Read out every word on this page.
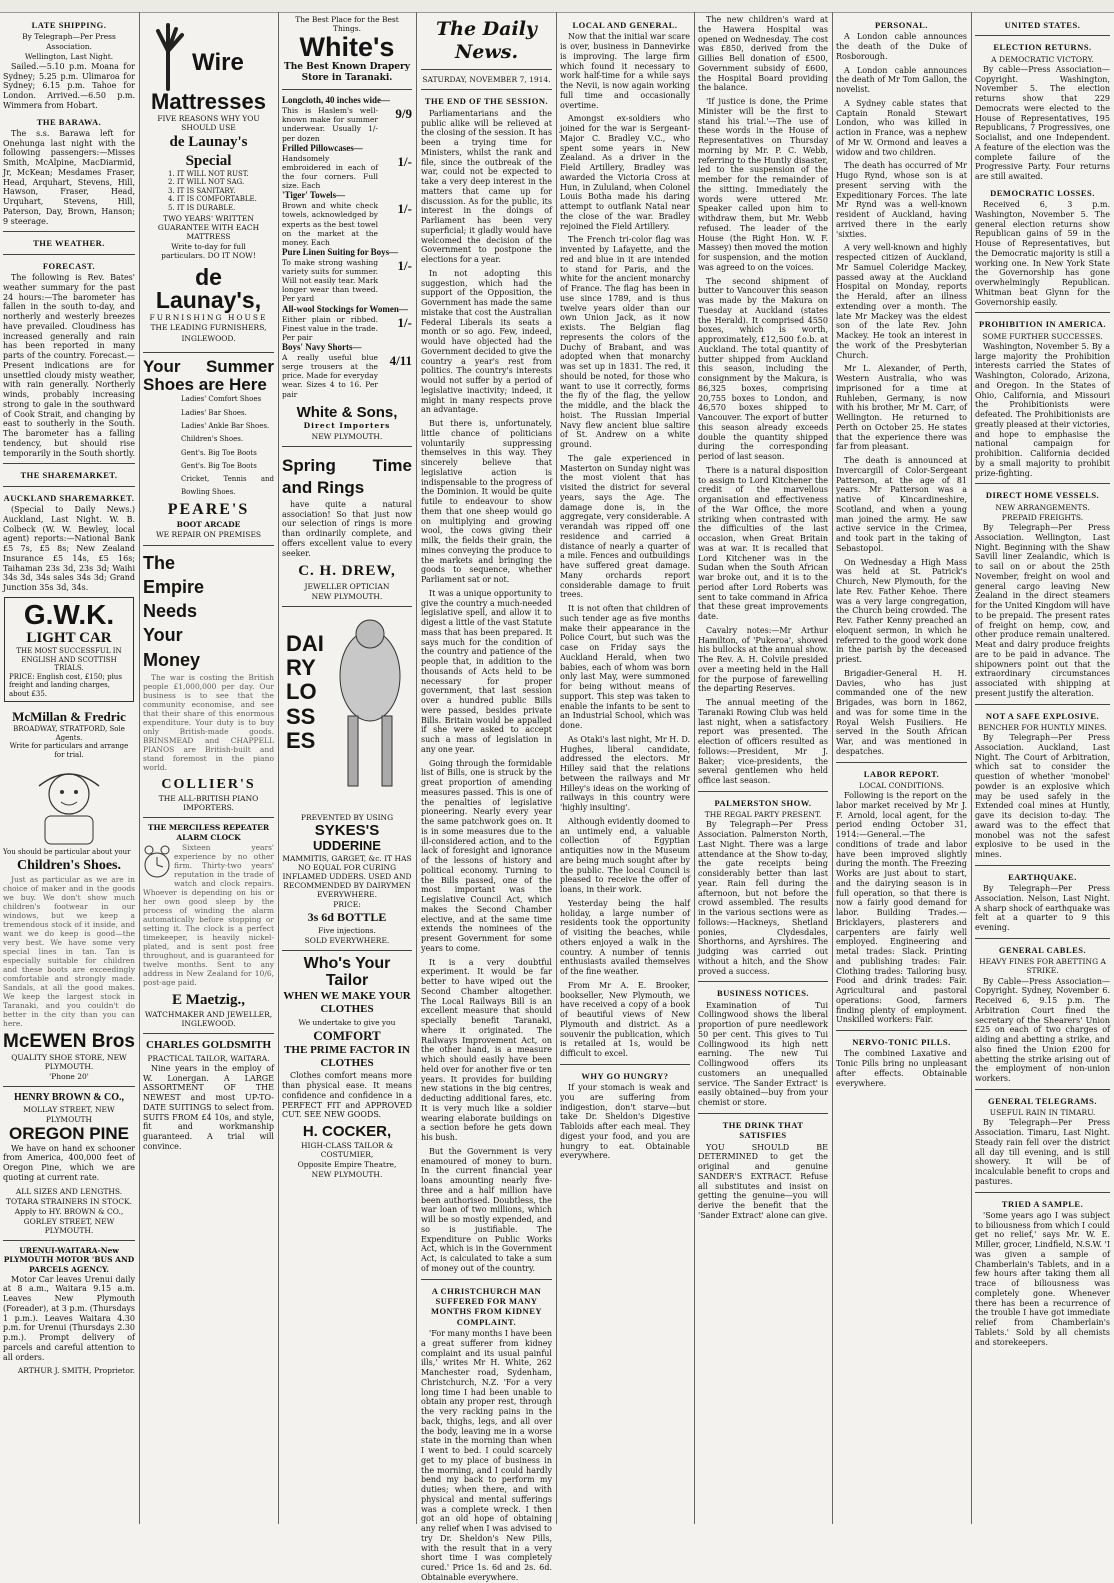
LATE SHIPPING.
By Telegraph—Per Press Association.
Wellington, Last Night.
Sailed.—5.10 p.m. Moana for Sydney; 5.25 p.m. Ulimaroa for Sydney; 6.15 p.m. Tahoe for London. Arrived.—6.50 p.m. Wimmera from Hobart.
THE BARAWA.
The s.s. Barawa left for Onehunga last night with the following passengers:—Misses Smith, McAlpine, MacDiarmid, Jr, McKean; Mesdames Fraser, Head, Arquhart, Stevens, Hill, Hawson, Fraser, Head, Urquhart, Stevens, Hill, Paterson, Day, Brown, Hanson; 9 steerage.
THE WEATHER.
FORECAST.
The following is Rev. Bates' weather summary for the past 24 hours:—The barometer has fallen in the south to-day, and northerly and westerly breezes have prevailed. Cloudiness has increased generally and rain has been reported in many parts of the country. Forecast.—Present indications are for unsettled cloudy misty weather, with rain generally. Northerly winds, probably increasing strong to gale in the southward of Cook Strait, and changing by east to southerly in the South. The barometer has a falling tendency, but should rise temporarily in the South shortly.
THE SHAREMARKET.
AUCKLAND SHAREMARKET.
(Special to Daily News.) Auckland, Last Night. W. B. Colbeck (W. W. Bewley, local agent) reports:—National Bank £5 7s, £5 8s; New Zealand Insurance £5 14s, £5 16s; Taihaman 23s 3d, 23s 3d; Waihi 34s 3d, 34s sales 34s 3d; Grand Junction 35s 3d, 34s.
G.W.K.
LIGHT CAR
THE MOST SUCCESSFUL IN ENGLISH AND SCOTTISH TRIALS.
PRICE: English cost, £150; plus freight and landing charges, about £35.
McMillan & Fredric
BROADWAY, STRATFORD, Sole Agents.
Write for particulars and arrange for trial.
You should be particular about your
Children's Shoes.
Just as particular as we are in choice of maker and in the goods we buy. We don't show much children's footwear in our windows, but we keep a tremendous stock of it inside, and want we do keep is good—the very best. We have some very special lines in tan. Tan is especially suitable for children and these boots are exceedingly comfortable and strongly made. Sandals, at all the good makes. We keep the largest stock in Taranaki, and you couldn't do better in the city than you can here.
McEWEN Bros
QUALITY SHOE STORE, NEW PLYMOUTH.
'Phone 20'
HENRY BROWN & CO.,
MOLLAY STREET, NEW PLYMOUTH
OREGON PINE
We have on hand ex schooner from America, 400,000 feet of Oregon Pine, which we are quoting at current rate.
ALL SIZES AND LENGTHS.
TOTARA STRAINERS IN STOCK.
Apply to HY. BROWN & CO.,
GORLEY STREET, NEW PLYMOUTH.
URENUI-WAITARA-New PLYMOUTH MOTOR 'BUS AND PARCELS AGENCY.
Motor Car leaves Urenui daily at 8 a.m., Waitara 9.15 a.m. Leaves New Plymouth (Foreader), at 3 p.m. (Thursdays 1 p.m.). Leaves Waitara 4.30 p.m. for Urenui (Thursdays 2.30 p.m.). Prompt delivery of parcels and careful attention to all orders.
ARTHUR J. SMITH, Proprietor.
Wire
Mattresses
FIVE REASONS WHY YOU SHOULD USE
de Launay's Special
1. IT WILL NOT RUST.
2. IT WILL NOT SAG.
3. IT IS SANITARY.
4. IT IS COMFORTABLE.
5. IT IS DURABLE.
TWO YEARS' WRITTEN GUARANTEE WITH EACH MATTRESS
Write to-day for full particulars. DO IT NOW!
de Launay's,
FURNISHING HOUSE
THE LEADING FURNISHERS,
INGLEWOOD.
Your Summer Shoes are Here
Ladies' Comfort Shoes
Ladies' Bar Shoes.
Ladies' Ankle Bar Shoes.
Children's Shoes.
Gent's. Big Toe Boots
Gent's. Big Toe Boots
Cricket, Tennis and Bowling Shoes.
PEARE'S
BOOT ARCADE
WE REPAIR ON PREMISES
The Empire Needs Your Money
The war is costing the British people £1,000,000 per day. Our business is to see that the community economise, and see that their share of this enormous expenditure. Your duty is to buy only British-made goods. BRINSMEAD and CHAPPELL PIANOS are British-built and stand foremost in the piano world.
COLLIER'S
THE ALL-BRITISH PIANO IMPORTERS.
THE MERCILESS REPEATER ALARM CLOCK
Sixteen years' experience by no other firm. Thirty-two years' reputation in the trade of watch and clock repairs. Whoever is depending on his or her own good sleep by the process of winding the alarm automatically before stopping or setting it. The clock is a perfect timekeeper, is heavily nickel-plated, and is sent post free throughout, and is guaranteed for twelve months. Sent to any address in New Zealand for 10/6, post-age paid.
E Maetzig.,
WATCHMAKER AND JEWELLER, INGLEWOOD.
CHARLES GOLDSMITH
PRACTICAL TAILOR, WAITARA.
Nine years in the employ of W. Lonergan. A LARGE ASSORTMENT OF THE NEWEST and most UP-TO-DATE SUITINGS to select from. SUITS FROM £4 10s, and style, fit and workmanship guaranteed. A trial will convince.
The Best Place for the Best Things.
White's
The Best Known Drapery Store in Taranaki.
Longcloth, 40 inches wide—
This is Haslem's well-known make for summer underwear. Usually 1/- per dozen
9/9
Frilled Pillowcases—
Handsomely embroidered in each of the four corners. Full size. Each
1/-
'Tiger' Towels—
Brown and white check towels, acknowledged by experts as the best towel on the market at the money. Each
1/-
Pure Linen Suiting for Boys—
To make strong washing variety suits for summer. Will not easily tear. Mark longer wear than tweed. Per yard
1/-
All-wool Stockings for Women—
Either plain or ribbed. Finest value in the trade. Per pair
1/-
Boys' Navy Shorts—
A really useful blue serge trousers at the price. Made for everyday wear. Sizes 4 to 16. Per pair
4/11
White & Sons,
Direct Importers
NEW PLYMOUTH.
Spring Time and Rings
have quite a natural association! So that just now our selection of rings is more than ordinarily complete, and offers excellent value to every seeker.
C. H. DREW,
JEWELLER OPTICIAN
NEW PLYMOUTH.
DAIRY LOSSES
PREVENTED BY USING
SYKES'S
UDDERINE
MAMMITIS, GARGET, &c. IT HAS NO EQUAL FOR CURING INFLAMED UDDERS. USED AND RECOMMENDED BY DAIRYMEN EVERYWHERE.
PRICE:
3s 6d BOTTLE
Five injections.
SOLD EVERYWHERE.
Who's Your Tailor
WHEN WE MAKE YOUR CLOTHES
We undertake to give you
COMFORT
THE PRIME FACTOR IN CLOTHES
Clothes comfort means more than physical ease. It means confidence and confidence in a PERFECT FIT and APPROVED CUT. SEE NEW GOODS.
H. COCKER,
HIGH-CLASS TAILOR & COSTUMIER,
Opposite Empire Theatre,
NEW PLYMOUTH.
The Daily News.
SATURDAY, NOVEMBER 7, 1914.
THE END OF THE SESSION.
Parliamentarians and the public alike will be relieved at the closing of the session. It has been a trying time for Ministers, whilst the rank and file, since the outbreak of the war, could not be expected to take a very deep interest in the matters that came up for discussion. As for the public, its interest in the doings of Parliament has been very superficial; it gladly would have welcomed the decision of the Government to postpone the elections for a year.
In not adopting this suggestion, which had the support of the Opposition, the Government has made the same mistake that cost the Australian Federal Liberals its seats a month or so ago. Few, indeed, would have objected had the Government decided to give the country a year's rest from politics. The country's interests would not suffer by a period of legislative inactivity; indeed, it might in many respects prove an advantage.
But there is, unfortunately, little chance of politicians voluntarily suppressing themselves in this way. They sincerely believe that legislative action is indispensable to the progress of the Dominion. It would be quite futile to endeavour to show them that one sheep would go on multiplying and growing wool, the cows giving their milk, the fields their grain, the mines conveying the produce to the markets and bringing the goods to sequence, whether Parliament sat or not.
It was a unique opportunity to give the country a much-needed legislative spell, and allow it to digest a little of the vast Statute mass that has been prepared. It says much for the condition of the country and patience of the people that, in addition to the thousands of Acts held to be necessary for proper government, that last session over a hundred public Bills were passed, besides private Bills. Britain would be appalled if she were asked to accept such a mass of legislation in any one year.
Going through the formidable list of Bills, one is struck by the great proportion of amending measures passed. This is one of the penalties of legislative pioneering. Nearly every year the same patchwork goes on. It is in some measures due to the ill-considered action, and to the lack of foresight and ignorance of the lessons of history and political economy. Turning to the Bills passed, one of the most important was the Legislative Council Act, which makes the Second Chamber elective, and at the same time extends the nominees of the present Government for some years to come.
It is a very doubtful experiment. It would be far better to have wiped out the Second Chamber altogether. The Local Railways Bill is an excellent measure that should specially benefit Taranaki, where it originated. The Railways Improvement Act, on the other hand, is a measure which should easily have been held over for another five or ten years. It provides for building new stations in the big centres, deducting additional fares, etc. It is very much like a soldier wearing elaborate buildings on a section before he gets down his bush.
But the Government is very enamoured of money to burn. In the current financial year loans amounting nearly five-three and a half million have been authorised. Doubtless, the war loan of two millions, which will be so mostly expended, and so is justifiable. The Expenditure on Public Works Act, which is in the Government Act, is calculated to take a sum of money out of the country.
A CHRISTCHURCH MAN SUFFERED FOR MANY MONTHS FROM KIDNEY COMPLAINT.
'For many months I have been a great sufferer from kidney complaint and its usual painful ills,' writes Mr H. White, 262 Manchester road, Sydenham, Christchurch, N.Z. 'For a very long time I had been unable to obtain any proper rest, through the very racking pains in the back, thighs, legs, and all over the body, leaving me in a worse state in the morning than when I went to bed. I could scarcely get to my place of business in the morning, and I could hardly bend my back to perform my duties; when there, and with physical and mental sufferings was a complete wreck. I then got an old hope of obtaining any relief when I was advised to try Dr. Sheldon's New Pills, with the result that in a very short time I was completely cured.' Price 1s. 6d and 2s. 6d. Obtainable everywhere.
LOCAL AND GENERAL.
Now that the initial war scare is over, business in Dannevirke is improving. The large firm which found it necessary to work half-time for a while says the Nevii, is now again working full time and occasionally overtime.
Amongst ex-soldiers who joined for the war is Sergeant-Major C. Bradley V.C., who spent some years in New Zealand. As a driver in the Field Artillery, Bradley was awarded the Victoria Cross at Hun, in Zululand, when Colonel Louis Botha made his daring attempt to outflank Natal near the close of the war. Bradley rejoined the Field Artillery.
The French tri-color flag was invented by Lafayette, and the red and blue in it are intended to stand for Paris, and the white for the ancient monarchy of France. The flag has been in use since 1789, and is thus twelve years older than our own Union Jack, as it now exists. The Belgian flag represents the colors of the Duchy of Brabant, and was adopted when that monarchy was set up in 1831. The red, it should be noted, for those who want to use it correctly, forms the fly of the flag, the yellow the middle, and the black the hoist. The Russian Imperial Navy flew ancient blue saltire of St. Andrew on a white ground.
The gale experienced in Masterton on Sunday night was the most violent that has visited the district for several years, says the Age. The damage done is, in the aggregate, very considerable. A verandah was ripped off one residence and carried a distance of nearly a quarter of a mile. Fences and outbuildings have suffered great damage. Many orchards report considerable damage to fruit trees.
It is not often that children of such tender age as five months make their appearance in the Police Court, but such was the case on Friday says the Auckland Herald, when two babies, each of whom was born only last May, were summoned for being without means of support. This step was taken to enable the infants to be sent to an Industrial School, which was done.
As Otaki's last night, Mr H. D. Hughes, liberal candidate, addressed the electors. Mr Hilley said that the relations between the railways and Mr Hilley's ideas on the working of railways in this country were 'highly insulting'.
Although evidently doomed to an untimely end, a valuable collection of Egyptian antiquities now in the Museum are being much sought after by the public. The local Council is pleased to receive the offer of loans, in their work.
Yesterday being the half holiday, a large number of residents took the opportunity of visiting the beaches, while others enjoyed a walk in the country. A number of tennis enthusiasts availed themselves of the fine weather.
From Mr A. E. Brooker, bookseller, New Plymouth, we have received a copy of a book of beautiful views of New Plymouth and district. As a souvenir the publication, which is retailed at 1s, would be difficult to excel.
WHY GO HUNGRY?
If your stomach is weak and you are suffering from indigestion, don't starve—but take Dr. Sheldon's Digestive Tabloids after each meal. They digest your food, and you are hungry to eat. Obtainable everywhere.
The new children's ward at the Hawera Hospital was opened on Wednesday. The cost was £850, derived from the Gillies Bell donation of £500, Government subsidy of £600, the Hospital Board providing the balance.
'If justice is done, the Prime Minister will be the first to stand his trial.'—The use of these words in the House of Representatives on Thursday morning by Mr. P. C. Webb, referring to the Huntly disaster, led to the suspension of the member for the remainder of the sitting. Immediately the words were uttered Mr. Speaker called upon him to withdraw them, but Mr. Webb refused. The leader of the House (the Right Hon. W. F. Massey) then moved the motion for suspension, and the motion was agreed to on the voices.
The second shipment of butter to Vancouver this season was made by the Makura on Tuesday at Auckland (states the Herald). It comprised 4550 boxes, which is worth, approximately, £12,500 f.o.b. at Auckland. The total quantity of butter shipped from Auckland this season, including the consignment by the Makura, is 86,325 boxes, comprising 20,755 boxes to London, and 46,570 boxes shipped to Vancouver. The export of butter this season already exceeds double the quantity shipped during the corresponding period of last season.
There is a natural disposition to assign to Lord Kitchener the credit of the marvellous organisation and effectiveness of the War Office, the more striking when contrasted with the difficulties of the last occasion, when Great Britain was at war. It is recalled that Lord Kitchener was in the Sudan when the South African war broke out, and it is to the period after Lord Roberts was sent to take command in Africa that these great improvements date.
Cavalry notes:—Mr Arthur Hamilton, of 'Pukeroa', showed his bullocks at the annual show. The Rev. A. H. Colvile presided over a meeting held in the Hall for the purpose of farewelling the departing Reserves.
The annual meeting of the Taranaki Rowing Club was held last night, when a satisfactory report was presented. The election of officers resulted as follows:—President, Mr J. Baker; vice-presidents, the several gentlemen who held office last season.
PALMERSTON SHOW.
THE REGAL PARTY PRESENT.
By Telegraph—Per Press Association. Palmerston North, Last Night. There was a large attendance at the Show to-day, the gate receipts being considerably better than last year. Rain fell during the afternoon, but not before the crowd assembled. The results in the various sections were as follows:—Hackneys, Shetland ponies, Clydesdales, Shorthorns, and Ayrshires. The judging was carried out without a hitch, and the Show proved a success.
BUSINESS NOTICES.
Examination of Tui Collingwood shows the liberal proportion of pure needlework 50 per cent. This gives to Tui Collingwood its high nett earning. The new Tui Collingwood offers its customers an unequalled service. 'The Sander Extract' is easily obtained—buy from your chemist or store.
THE DRINK THAT SATISFIES
YOU SHOULD BE DETERMINED to get the original and genuine SANDER'S EXTRACT. Refuse all substitutes and insist on getting the genuine—you will derive the benefit that the 'Sander Extract' alone can give.
PERSONAL.
A London cable announces the death of the Duke of Rosborough.
A London cable announces the death of Mr Tom Gallon, the novelist.
A Sydney cable states that Captain Ronald Stewart London, who was killed in action in France, was a nephew of Mr W. Ormond and leaves a widow and two children.
The death has occurred of Mr Hugo Rynd, whose son is at present serving with the Expeditionary Forces. The late Mr Rynd was a well-known resident of Auckland, having arrived there in the early 'sixties.
A very well-known and highly respected citizen of Auckland, Mr Samuel Coleridge Mackey, passed away at the Auckland Hospital on Monday, reports the Herald, after an illness extending over a month. The late Mr Mackey was the eldest son of the late Rev. John Mackey. He took an interest in the work of the Presbyterian Church.
Mr L. Alexander, of Perth, Western Australia, who was imprisoned for a time at Ruhleben, Germany, is now with his brother, Mr M. Carr, of Wellington. He returned to Perth on October 25. He states that the experience there was far from pleasant.
The death is announced at Invercargill of Color-Sergeant Patterson, at the age of 81 years. Mr Patterson was a native of Kincardineshire, Scotland, and when a young man joined the army. He saw active service in the Crimea, and took part in the taking of Sebastopol.
On Wednesday a High Mass was held at St. Patrick's Church, New Plymouth, for the late Rev. Father Kehoe. There was a very large congregation, the Church being crowded. The Rev. Father Kenny preached an eloquent sermon, in which he referred to the good work done in the parish by the deceased priest.
Brigadier-General H. H. Davies, who has just commanded one of the new Brigades, was born in 1862, and was for some time in the Royal Welsh Fusiliers. He served in the South African War, and was mentioned in despatches.
LABOR REPORT.
LOCAL CONDITIONS.
Following is the report on the labor market received by Mr J. F. Arnold, local agent, for the period ending October 31, 1914:—General.—The conditions of trade and labor have been improved slightly during the month. The Freezing Works are just about to start, and the dairying season is in full operation, so that there is now a fairly good demand for labor. Building Trades.—Bricklayers, plasterers and carpenters are fairly well employed. Engineering and metal trades: Slack. Printing and publishing trades: Fair. Clothing trades: Tailoring busy. Food and drink trades: Fair. Agricultural and pastoral operations: Good, farmers finding plenty of employment. Unskilled workers: Fair.
NERVO-TONIC PILLS.
The combined Laxative and Tonic Pills bring no unpleasant after effects. Obtainable everywhere.
UNITED STATES.
ELECTION RETURNS.
A DEMOCRATIC VICTORY.
By cable—Press Association—Copyright. Washington, November 5. The election returns show that 229 Democrats were elected to the House of Representatives, 195 Republicans, 7 Progressives, one Socialist, and one Independent. A feature of the election was the complete failure of the Progressive Party. Four returns are still awaited.
DEMOCRATIC LOSSES.
Received 6, 3 p.m. Washington, November 5. The general election returns show Republican gains of 59 in the House of Representatives, but the Democratic majority is still a working one. In New York State the Governorship has gone overwhelmingly Republican. Whitman beat Glynn for the Governorship easily.
PROHIBITION IN AMERICA.
SOME FURTHER SUCCESSES.
Washington, November 5. By a large majority the Prohibition interests carried the States of Washington, Colorado, Arizona, and Oregon. In the States of Ohio, California, and Missouri the Prohibitionists were defeated. The Prohibitionists are greatly pleased at their victories, and hope to emphasise the national campaign for prohibition. California decided by a small majority to prohibit prize-fighting.
DIRECT HOME VESSELS.
NEW ARRANGEMENTS.
PREPAID FREIGHTS.
By Telegraph—Per Press Association. Wellington, Last Night. Beginning with the Shaw Savill liner Zealandic, which is to sail on or about the 25th November, freight on wool and general cargo leaving New Zealand in the direct steamers for the United Kingdom will have to be prepaid. The present rates of freight on hemp, cow, and other produce remain unaltered. Meat and dairy produce freights are to be paid in advance. The shipowners point out that the extraordinary circumstances associated with shipping at present justify the alteration.
NOT A SAFE EXPLOSIVE.
BENCHER FOR HUNTLY MINES.
By Telegraph—Per Press Association. Auckland, Last Night. The Court of Arbitration, which sat to consider the question of whether 'monobel' powder is an explosive which may be used safely in the Extended coal mines at Huntly, gave its decision to-day. The award was to the effect that monobel was not the safest explosive to be used in the mines.
EARTHQUAKE.
By Telegraph—Per Press Association. Nelson, Last Night. A sharp shock of earthquake was felt at a quarter to 9 this evening.
GENERAL CABLES.
HEAVY FINES FOR ABETTING A STRIKE.
By Cable—Press Association—Copyright. Sydney, November 6. Received 6, 9.15 p.m. The Arbitration Court fined the secretary of the Shearers' Union £25 on each of two charges of aiding and abetting a strike, and also fined the Union £200 for abetting the strike arising out of the employment of non-union workers.
GENERAL TELEGRAMS.
USEFUL RAIN IN TIMARU.
By Telegraph—Per Press Association. Timaru, Last Night. Steady rain fell over the district all day till evening, and is still showery. It will be of incalculable benefit to crops and pastures.
TRIED A SAMPLE.
'Some years ago I was subject to biliousness from which I could get no relief,' says Mr. W. E. Miller, grocer, Lindfield, N.S.W. 'I was given a sample of Chamberlain's Tablets, and in a few hours after taking them all trace of biliousness was completely gone. Whenever there has been a recurrence of the trouble I have got immediate relief from Chamberlain's Tablets.' Sold by all chemists and storekeepers.
